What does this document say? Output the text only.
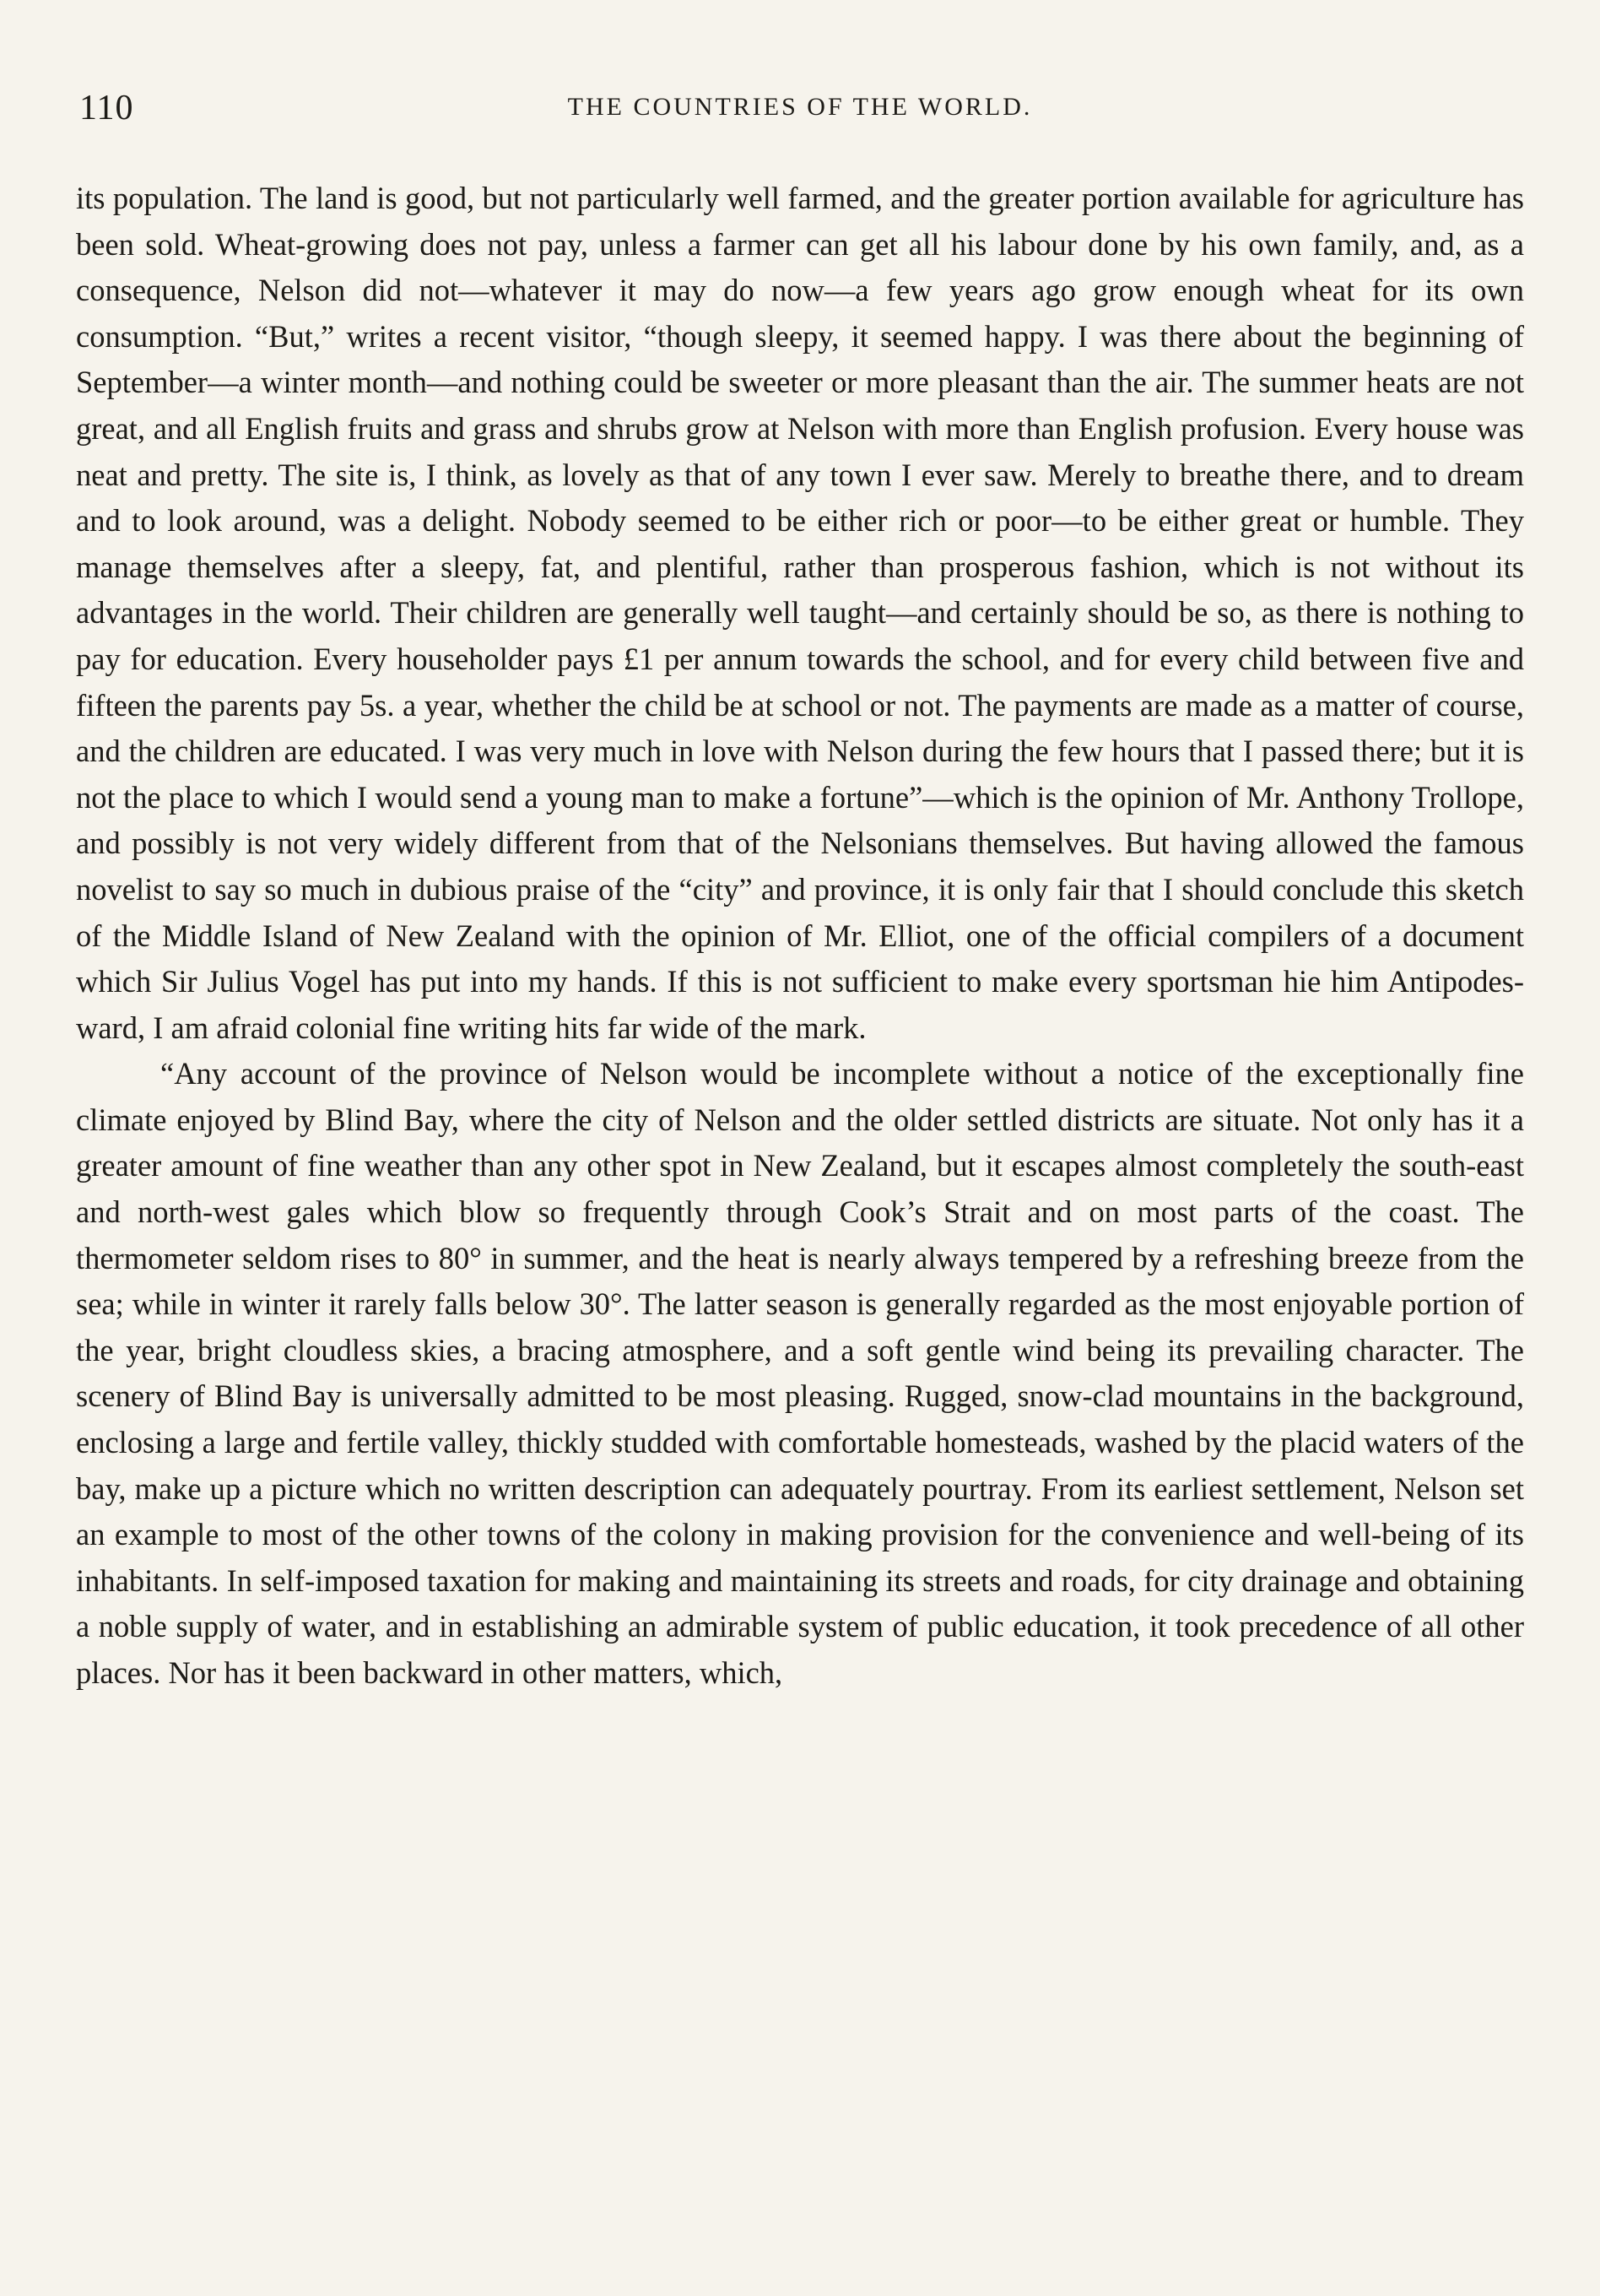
110	THE COUNTRIES OF THE WORLD.

its population. The land is good, but not particularly well farmed, and the greater portion available for agriculture has been sold. Wheat-growing does not pay, unless a farmer can get all his labour done by his own family, and, as a consequence, Nelson did not—whatever it may do now—a few years ago grow enough wheat for its own consumption. “But,” writes a recent visitor, “though sleepy, it seemed happy. I was there about the beginning of September—a winter month—and nothing could be sweeter or more pleasant than the air. The summer heats are not great, and all English fruits and grass and shrubs grow at Nelson with more than English profusion. Every house was neat and pretty. The site is, I think, as lovely as that of any town I ever saw. Merely to breathe there, and to dream and to look around, was a delight. Nobody seemed to be either rich or poor—to be either great or humble. They manage themselves after a sleepy, fat, and plentiful, rather than prosperous fashion, which is not without its advantages in the world. Their children are generally well taught—and certainly should be so, as there is nothing to pay for education. Every householder pays £1 per annum towards the school, and for every child between five and fifteen the parents pay 5s. a year, whether the child be at school or not. The payments are made as a matter of course, and the children are educated. I was very much in love with Nelson during the few hours that I passed there; but it is not the place to which I would send a young man to make a fortune”—which is the opinion of Mr. Anthony Trollope, and possibly is not very widely different from that of the Nelsonians themselves. But having allowed the famous novelist to say so much in dubious praise of the “city” and province, it is only fair that I should conclude this sketch of the Middle Island of New Zealand with the opinion of Mr. Elliot, one of the official compilers of a document which Sir Julius Vogel has put into my hands. If this is not sufficient to make every sportsman hie him Antipodes-ward, I am afraid colonial fine writing hits far wide of the mark.

“Any account of the province of Nelson would be incomplete without a notice of the exceptionally fine climate enjoyed by Blind Bay, where the city of Nelson and the older settled districts are situate. Not only has it a greater amount of fine weather than any other spot in New Zealand, but it escapes almost completely the south-east and north-west gales which blow so frequently through Cook’s Strait and on most parts of the coast. The thermometer seldom rises to 80° in summer, and the heat is nearly always tempered by a refreshing breeze from the sea; while in winter it rarely falls below 30°. The latter season is generally regarded as the most enjoyable portion of the year, bright cloudless skies, a bracing atmosphere, and a soft gentle wind being its prevailing character. The scenery of Blind Bay is universally admitted to be most pleasing. Rugged, snow-clad mountains in the background, enclosing a large and fertile valley, thickly studded with comfortable homesteads, washed by the placid waters of the bay, make up a picture which no written description can adequately pourtray. From its earliest settlement, Nelson set an example to most of the other towns of the colony in making provision for the convenience and well-being of its inhabitants. In self-imposed taxation for making and maintaining its streets and roads, for city drainage and obtaining a noble supply of water, and in establishing an admirable system of public education, it took precedence of all other places. Nor has it been backward in other matters, which,
